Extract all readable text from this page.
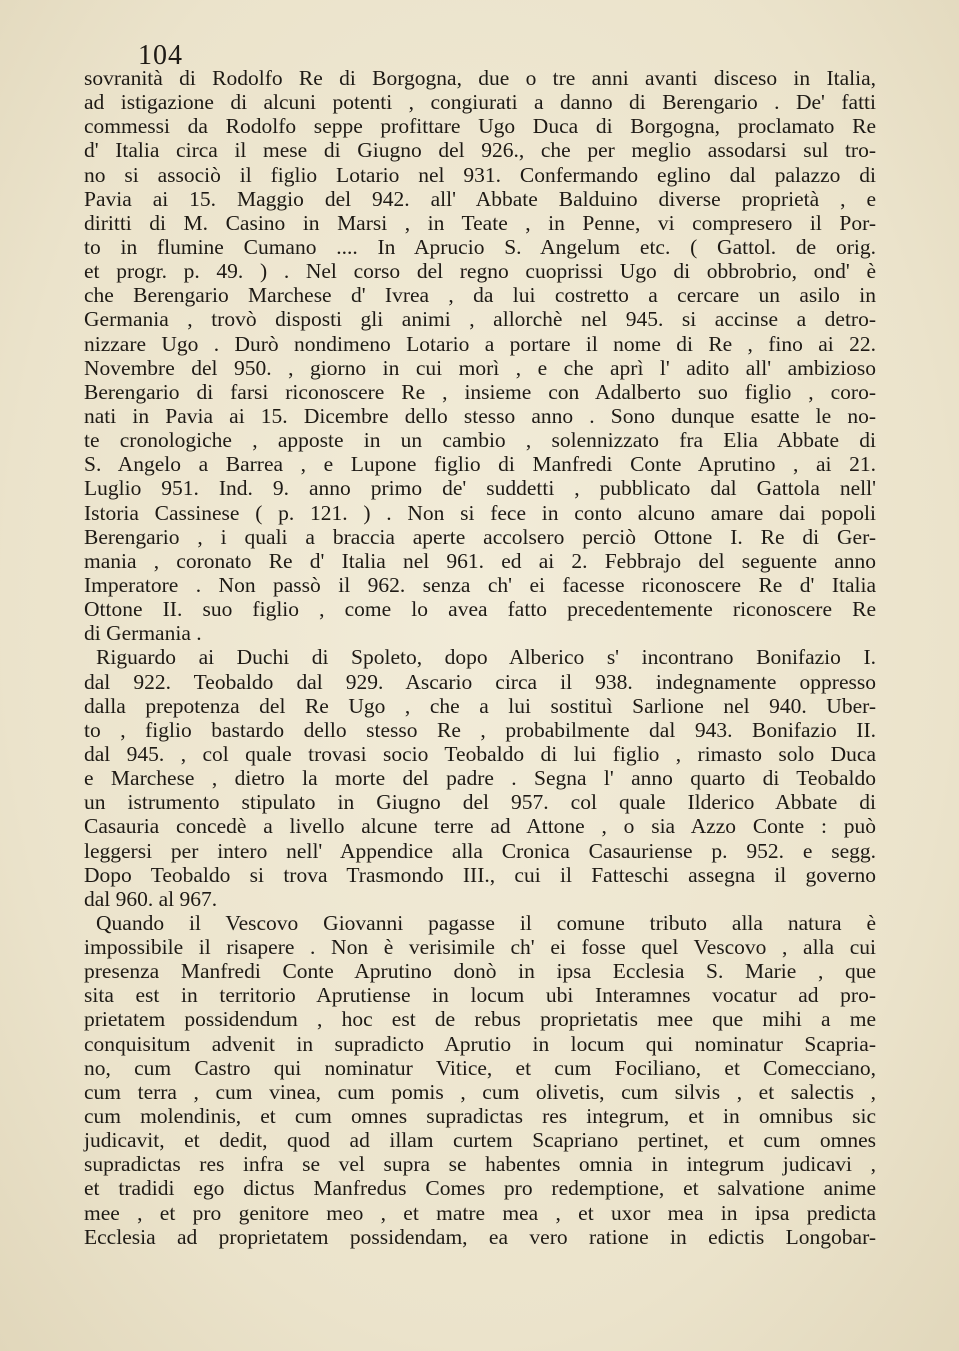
104
sovranità di Rodolfo Re di Borgogna, due o tre anni avanti disceso in Italia,
ad istigazione di alcuni potenti , congiurati a danno di Berengario . De' fatti
commessi da Rodolfo seppe profittare Ugo Duca di Borgogna, proclamato Re
d' Italia circa il mese di Giugno del 926., che per meglio assodarsi sul tro-
no si associò il figlio Lotario nel 931. Confermando eglino dal palazzo di
Pavia ai 15. Maggio del 942. all' Abbate Balduino diverse proprietà , e
diritti di M. Casino in Marsi , in Teate , in Penne, vi compresero il Por-
to in flumine Cumano .... In Aprucio S. Angelum etc. ( Gattol. de orig.
et progr. p. 49. ) . Nel corso del regno cuoprissi Ugo di obbrobrio, ond' è
che Berengario Marchese d' Ivrea , da lui costretto a cercare un asilo in
Germania , trovò disposti gli animi , allorchè nel 945. si accinse a detro-
nizzare Ugo . Durò nondimeno Lotario a portare il nome di Re , fino ai 22.
Novembre del 950. , giorno in cui morì , e che aprì l' adito all' ambizioso
Berengario di farsi riconoscere Re , insieme con Adalberto suo figlio , coro-
nati in Pavia ai 15. Dicembre dello stesso anno . Sono dunque esatte le no-
te cronologiche , apposte in un cambio , solennizzato fra Elia Abbate di
S. Angelo a Barrea , e Lupone figlio di Manfredi Conte Aprutino , ai 21.
Luglio 951. Ind. 9. anno primo de' suddetti , pubblicato dal Gattola nell'
Istoria Cassinese ( p. 121. ) . Non si fece in conto alcuno amare dai popoli
Berengario , i quali a braccia aperte accolsero perciò Ottone I. Re di Ger-
mania , coronato Re d' Italia nel 961. ed ai 2. Febbrajo del seguente anno
Imperatore . Non passò il 962. senza ch' ei facesse riconoscere Re d' Italia
Ottone II. suo figlio , come lo avea fatto precedentemente riconoscere Re
di Germania .
Riguardo ai Duchi di Spoleto, dopo Alberico s' incontrano Bonifazio I.
dal 922. Teobaldo dal 929. Ascario circa il 938. indegnamente oppresso
dalla prepotenza del Re Ugo , che a lui sostituì Sarlione nel 940. Uber-
to , figlio bastardo dello stesso Re , probabilmente dal 943. Bonifazio II.
dal 945. , col quale trovasi socio Teobaldo di lui figlio , rimasto solo Duca
e Marchese , dietro la morte del padre . Segna l' anno quarto di Teobaldo
un istrumento stipulato in Giugno del 957. col quale Ilderico Abbate di
Casauria concedè a livello alcune terre ad Attone , o sia Azzo Conte : può
leggersi per intero nell' Appendice alla Cronica Casauriense p. 952. e segg.
Dopo Teobaldo si trova Trasmondo III., cui il Fatteschi assegna il governo
dal 960. al 967.
Quando il Vescovo Giovanni pagasse il comune tributo alla natura è
impossibile il risapere . Non è verisimile ch' ei fosse quel Vescovo , alla cui
presenza Manfredi Conte Aprutino donò in ipsa Ecclesia S. Marie , que
sita est in territorio Aprutiense in locum ubi Interamnes vocatur ad pro-
prietatem possidendum , hoc est de rebus proprietatis mee que mihi a me
conquisitum advenit in supradicto Aprutio in locum qui nominatur Scapria-
no, cum Castro qui nominatur Vitice, et cum Fociliano, et Comecciano,
cum terra , cum vinea, cum pomis , cum olivetis, cum silvis , et salectis ,
cum molendinis, et cum omnes supradictas res integrum, et in omnibus sic
judicavit, et dedit, quod ad illam curtem Scapriano pertinet, et cum omnes
supradictas res infra se vel supra se habentes omnia in integrum judicavi ,
et tradidi ego dictus Manfredus Comes pro redemptione, et salvatione anime
mee , et pro genitore meo , et matre mea , et uxor mea in ipsa predicta
Ecclesia ad proprietatem possidendam, ea vero ratione in edictis Longobar-
